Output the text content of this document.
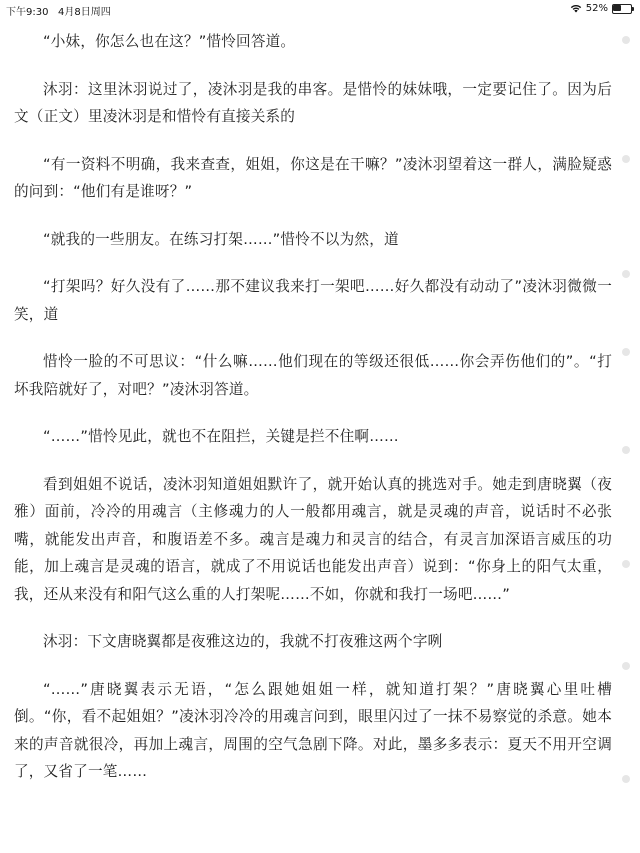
下午9:30 4月8日周四	52%

“小妹，你怎么也在这？”惜怜回答道。

沐羽：这里沐羽说过了，凌沐羽是我的串客。是惜怜的妹妹哦，一定要记住了。因为后文（正文）里凌沐羽是和惜怜有直接关系的

“有一资料不明确，我来查查，姐姐，你这是在干嘛？”凌沐羽望着这一群人，满脸疑惑的问到：“他们有是谁呀？”

“就我的一些朋友。在练习打架……”惜怜不以为然，道

“打架吗？好久没有了……那不建议我来打一架吧……好久都没有动动了”凌沐羽微微一笑，道

惜怜一脸的不可思议：“什么嘛……他们现在的等级还很低……你会弄伤他们的”。“打坏我陪就好了，对吧？”凌沐羽答道。

“……”惜怜见此，就也不在阻拦，关键是拦不住啊……

看到姐姐不说话，凌沐羽知道姐姐默许了，就开始认真的挑选对手。她走到唐晓翼（夜雅）面前，冷冷的用魂言（主修魂力的人一般都用魂言，就是灵魂的声音，说话时不必张嘴，就能发出声音，和腹语差不多。魂言是魂力和灵言的结合，有灵言加深语言威压的功能，加上魂言是灵魂的语言，就成了不用说话也能发出声音）说到：“你身上的阳气太重，我，还从来没有和阳气这么重的人打架呢……不如，你就和我打一场吧……”

沐羽：下文唐晓翼都是夜雅这边的，我就不打夜雅这两个字咧

“……”唐晓翼表示无语，“怎么跟她姐姐一样，就知道打架？”唐晓翼心里吐槽倒。“你，看不起姐姐？”凌沐羽冷冷的用魂言问到，眼里闪过了一抹不易察觉的杀意。她本来的声音就很冷，再加上魂言，周围的空气急剧下降。对此，墨多多表示：夏天不用开空调了，又省了一笔……
